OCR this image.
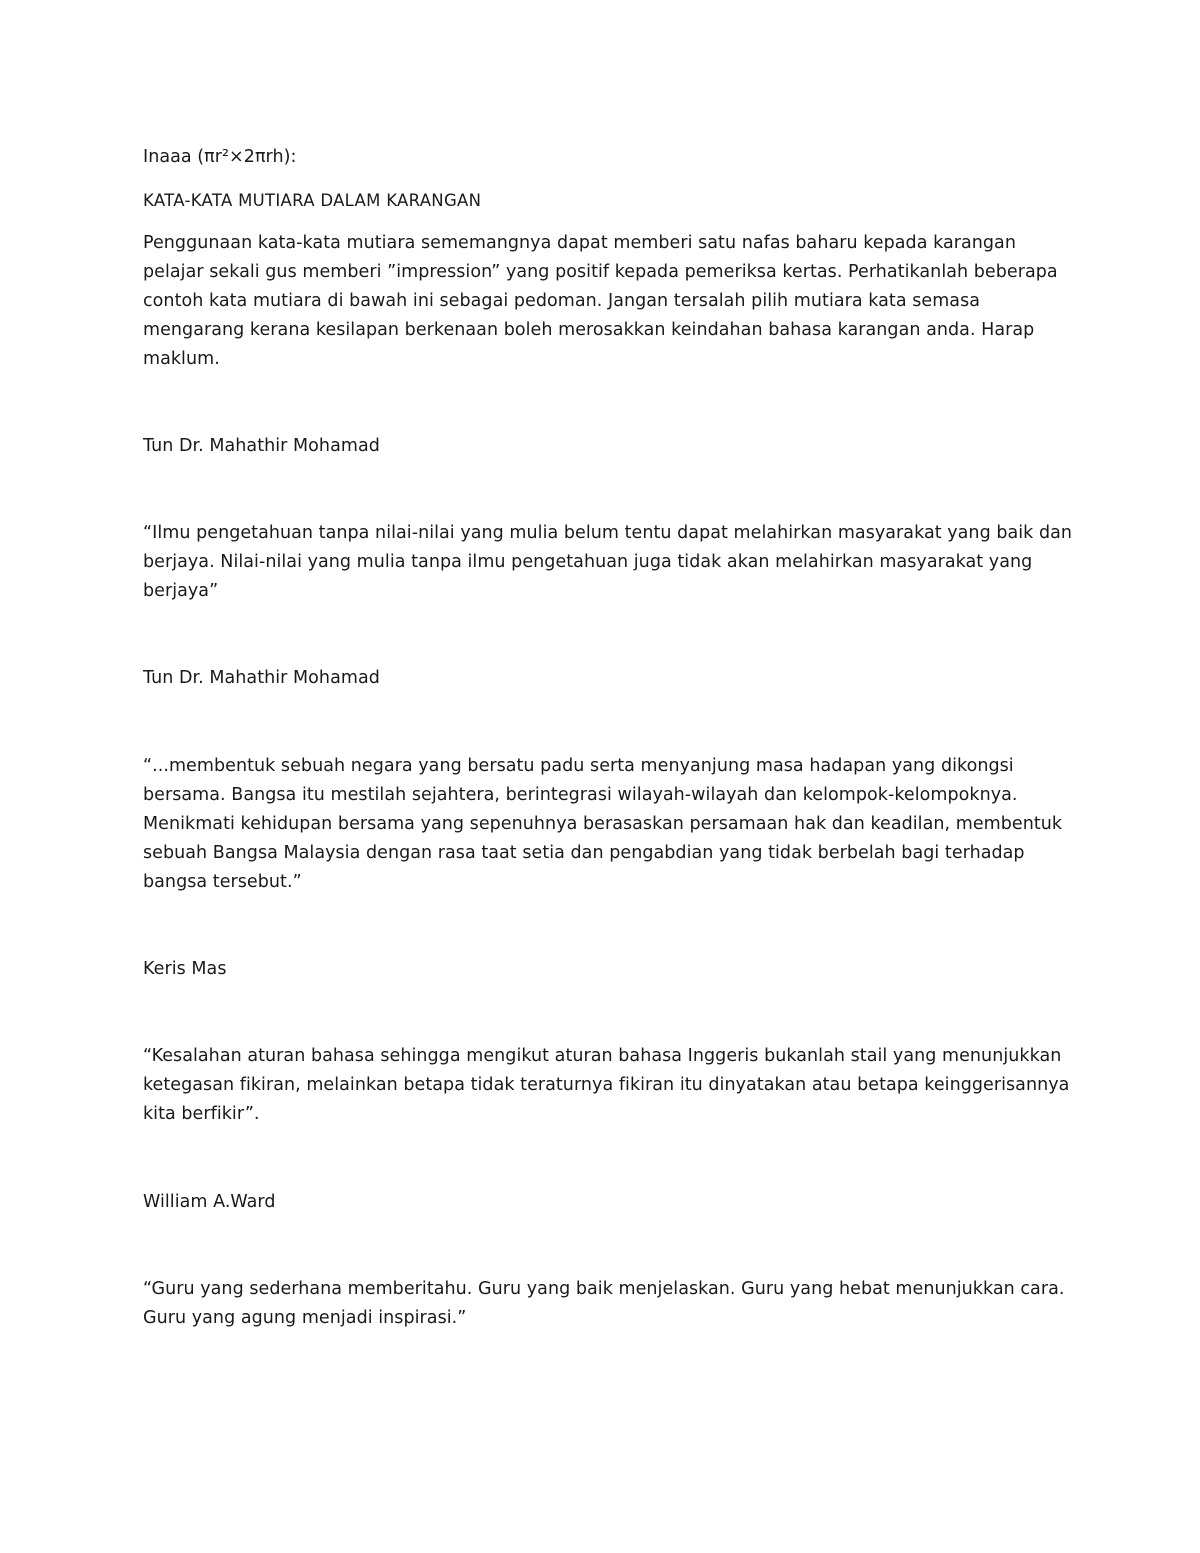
Inaaa (πr²×2πrh):

KATA-KATA MUTIARA DALAM KARANGAN

Penggunaan kata-kata mutiara sememangnya dapat memberi satu nafas baharu kepada karangan pelajar sekali gus memberi ”impression” yang positif kepada pemeriksa kertas. Perhatikanlah beberapa contoh kata mutiara di bawah ini sebagai pedoman. Jangan tersalah pilih mutiara kata semasa mengarang kerana kesilapan berkenaan boleh merosakkan keindahan bahasa karangan anda. Harap maklum.

Tun Dr. Mahathir Mohamad

“Ilmu pengetahuan tanpa nilai-nilai yang mulia belum tentu dapat melahirkan masyarakat yang baik dan berjaya. Nilai-nilai yang mulia tanpa ilmu pengetahuan juga tidak akan melahirkan masyarakat yang berjaya”

Tun Dr. Mahathir Mohamad

“...membentuk sebuah negara yang bersatu padu serta menyanjung masa hadapan yang dikongsi bersama. Bangsa itu mestilah sejahtera, berintegrasi wilayah-wilayah dan kelompok-kelompoknya. Menikmati kehidupan bersama yang sepenuhnya berasaskan persamaan hak dan keadilan, membentuk sebuah Bangsa Malaysia dengan rasa taat setia dan pengabdian yang tidak berbelah bagi terhadap bangsa tersebut.”

Keris Mas

“Kesalahan aturan bahasa sehingga mengikut aturan bahasa Inggeris bukanlah stail yang menunjukkan ketegasan fikiran, melainkan betapa tidak teraturnya fikiran itu dinyatakan atau betapa keinggerisannya kita berfikir”.

William A.Ward

“Guru yang sederhana memberitahu. Guru yang baik menjelaskan. Guru yang hebat menunjukkan cara. Guru yang agung menjadi inspirasi.”
